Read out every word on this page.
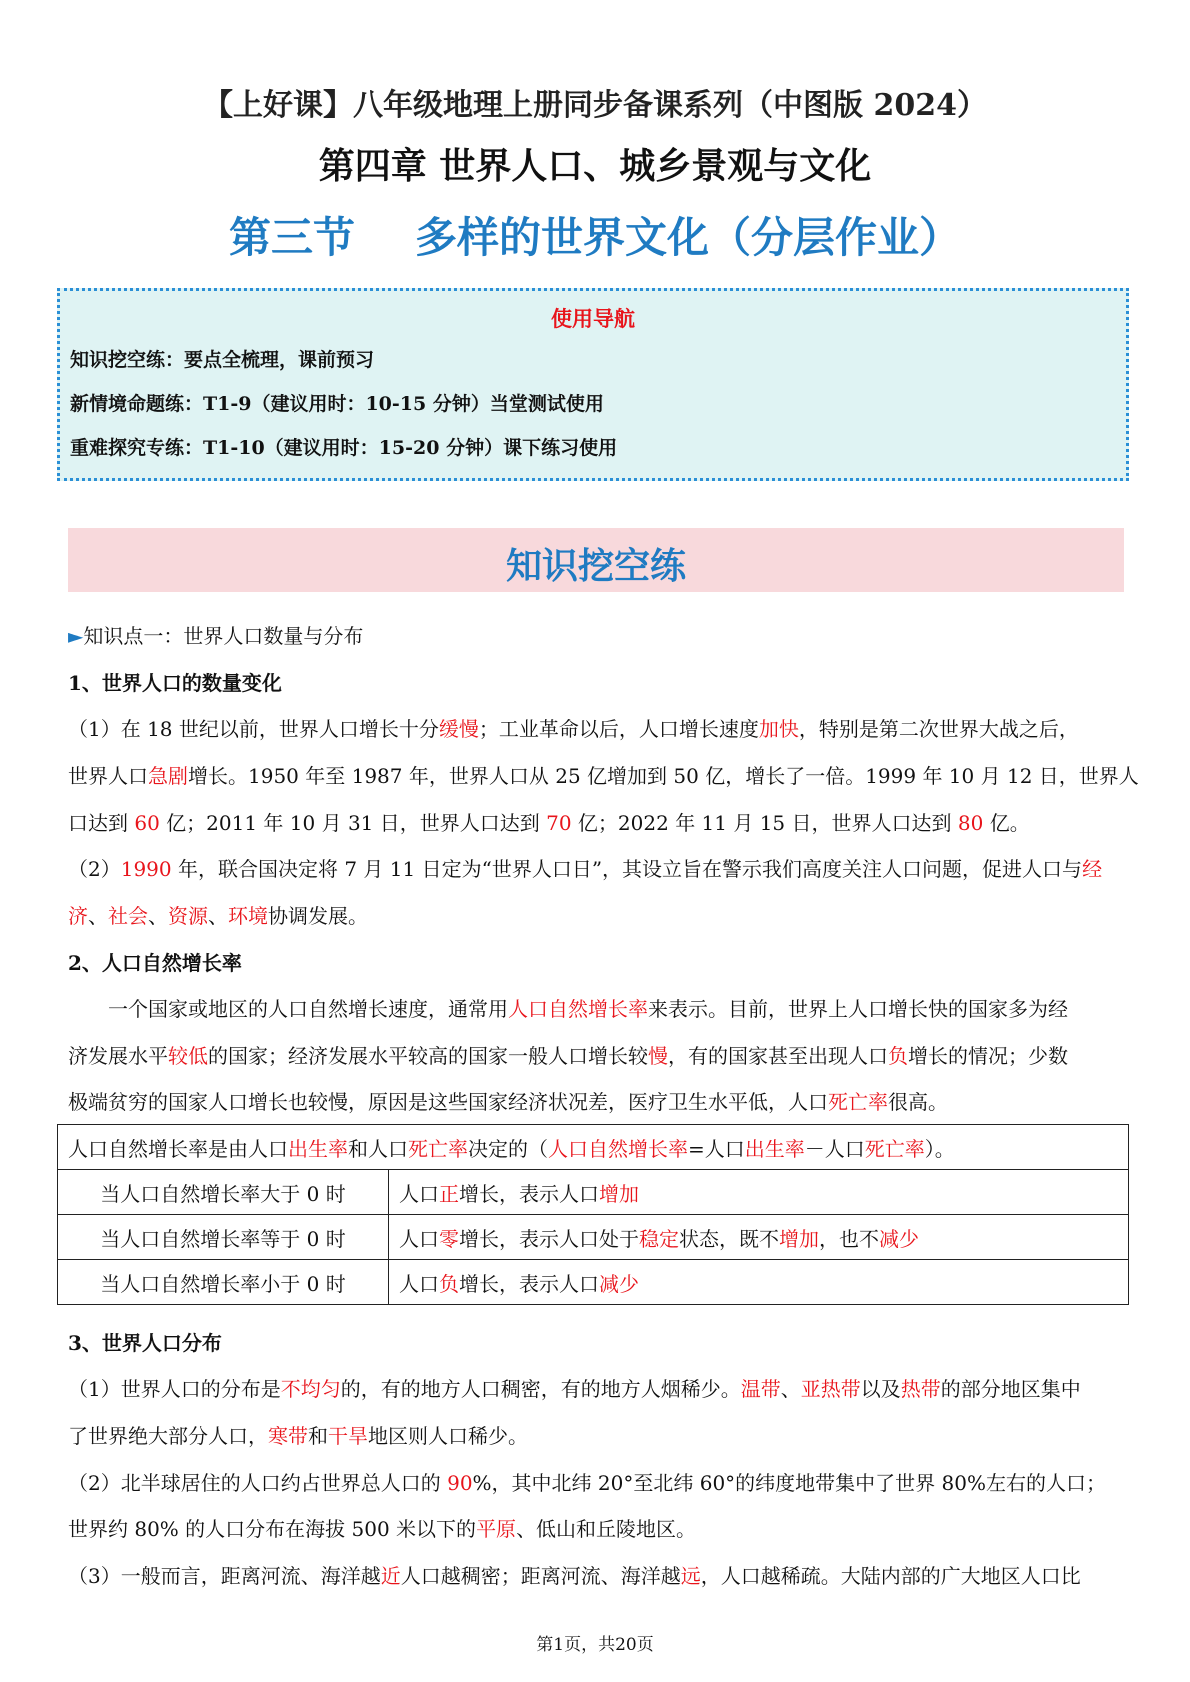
【上好课】八年级地理上册同步备课系列（中图版 2024）
第四章 世界人口、城乡景观与文化
第三节 多样的世界文化（分层作业）
使用导航
知识挖空练：要点全梳理，课前预习
新情境命题练：T1-9（建议用时：10-15 分钟）当堂测试使用
重难探究专练：T1-10（建议用时：15-20 分钟）课下练习使用
知识挖空练
►知识点一：世界人口数量与分布
1、世界人口的数量变化
（1）在 18 世纪以前，世界人口增长十分缓慢；工业革命以后，人口增长速度加快，特别是第二次世界大战之后，
世界人口急剧增长。1950 年至 1987 年，世界人口从 25 亿增加到 50 亿，增长了一倍。1999 年 10 月 12 日，世界人
口达到 60 亿；2011 年 10 月 31 日，世界人口达到 70 亿；2022 年 11 月 15 日，世界人口达到 80 亿。
（2）1990 年，联合国决定将 7 月 11 日定为“世界人口日”，其设立旨在警示我们高度关注人口问题，促进人口与经
济、社会、资源、环境协调发展。
2、人口自然增长率
一个国家或地区的人口自然增长速度，通常用人口自然增长率来表示。目前，世界上人口增长快的国家多为经
济发展水平较低的国家；经济发展水平较高的国家一般人口增长较慢，有的国家甚至出现人口负增长的情况；少数
极端贫穷的国家人口增长也较慢，原因是这些国家经济状况差，医疗卫生水平低，人口死亡率很高。
人口自然增长率是由人口出生率和人口死亡率决定的（人口自然增长率=人口出生率－人口死亡率）。	
当人口自然增长率大于 0 时	人口正增长，表示人口增加
当人口自然增长率等于 0 时	人口零增长，表示人口处于稳定状态，既不增加，也不减少
当人口自然增长率小于 0 时	人口负增长，表示人口减少
3、世界人口分布
（1）世界人口的分布是不均匀的，有的地方人口稠密，有的地方人烟稀少。温带、亚热带以及热带的部分地区集中
了世界绝大部分人口，寒带和干旱地区则人口稀少。
（2）北半球居住的人口约占世界总人口的 90%，其中北纬 20°至北纬 60°的纬度地带集中了世界 80%左右的人口；
世界约 80% 的人口分布在海拔 500 米以下的平原、低山和丘陵地区。
（3）一般而言，距离河流、海洋越近人口越稠密；距离河流、海洋越远，人口越稀疏。大陆内部的广大地区人口比
第1页，共20页
